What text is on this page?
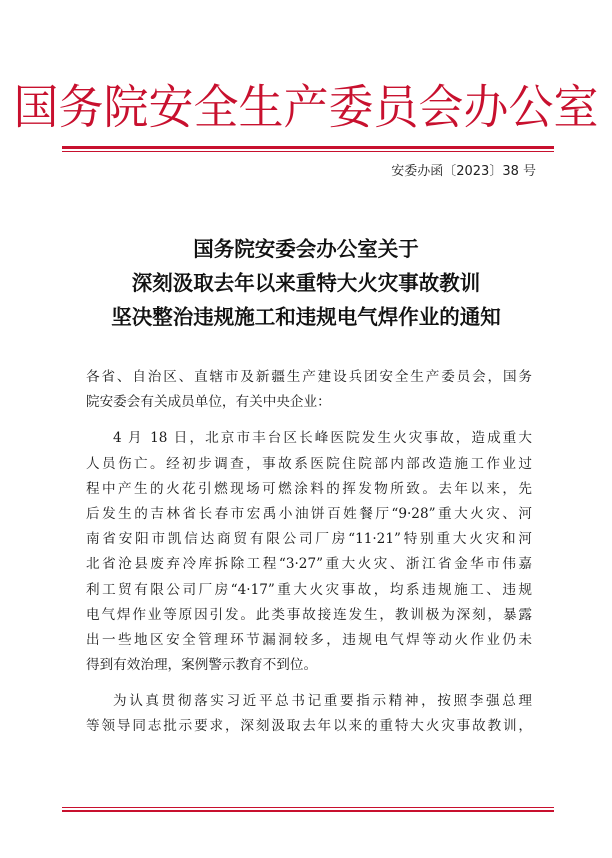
国务院安全生产委员会办公室
安委办函〔2023〕38 号
国务院安委会办公室关于
深刻汲取去年以来重特大火灾事故教训
坚决整治违规施工和违规电气焊作业的通知
各省、自治区、直辖市及新疆生产建设兵团安全生产委员会，国务
院安委会有关成员单位，有关中央企业：
4 月 18 日，北京市丰台区长峰医院发生火灾事故，造成重大
人员伤亡。经初步调查，事故系医院住院部内部改造施工作业过
程中产生的火花引燃现场可燃涂料的挥发物所致。去年以来，先
后发生的吉林省长春市宏禹小油饼百姓餐厅“9·28”重大火灾、河
南省安阳市凯信达商贸有限公司厂房“11·21”特别重大火灾和河
北省沧县废弃冷库拆除工程“3·27”重大火灾、浙江省金华市伟嘉
利工贸有限公司厂房“4·17”重大火灾事故，均系违规施工、违规
电气焊作业等原因引发。此类事故接连发生，教训极为深刻，暴露
出一些地区安全管理环节漏洞较多，违规电气焊等动火作业仍未
得到有效治理，案例警示教育不到位。
为认真贯彻落实习近平总书记重要指示精神，按照李强总理
等领导同志批示要求，深刻汲取去年以来的重特大火灾事故教训，
